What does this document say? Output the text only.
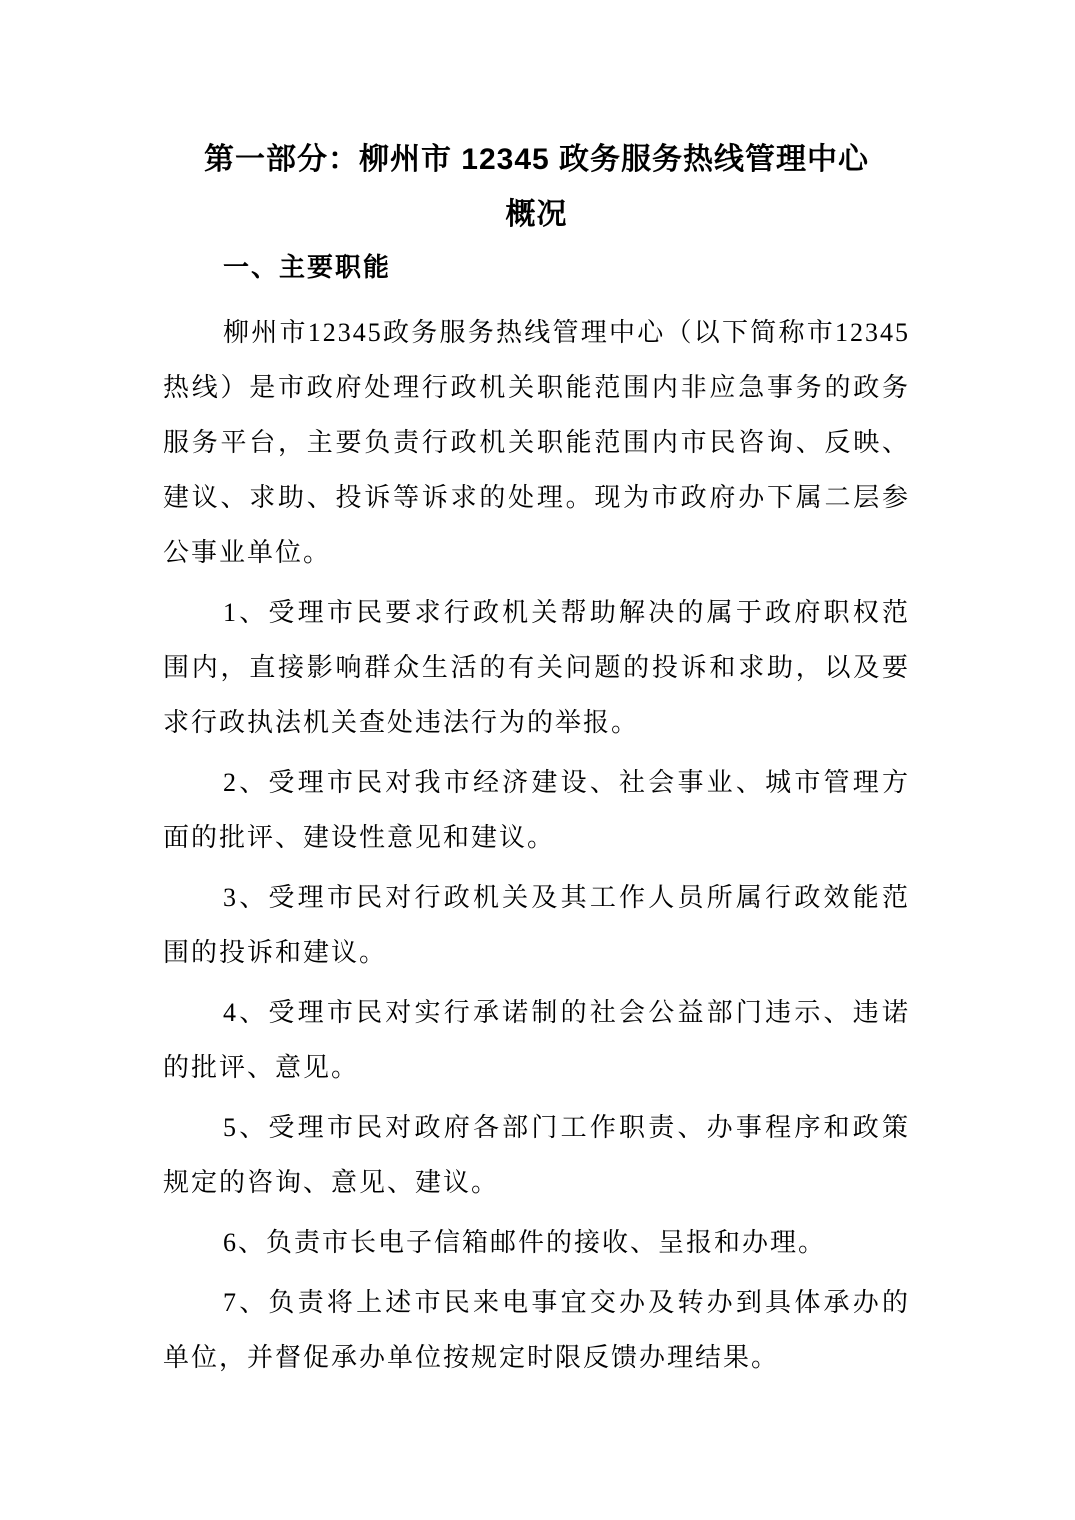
第一部分：柳州市 12345 政务服务热线管理中心
概况
一、主要职能

柳州市12345政务服务热线管理中心（以下简称市12345
热线）是市政府处理行政机关职能范围内非应急事务的政务
服务平台，主要负责行政机关职能范围内市民咨询、反映、
建议、求助、投诉等诉求的处理。现为市政府办下属二层参
公事业单位。

1、受理市民要求行政机关帮助解决的属于政府职权范
围内，直接影响群众生活的有关问题的投诉和求助，以及要
求行政执法机关查处违法行为的举报。

2、受理市民对我市经济建设、社会事业、城市管理方
面的批评、建设性意见和建议。

3、受理市民对行政机关及其工作人员所属行政效能范
围的投诉和建议。

4、受理市民对实行承诺制的社会公益部门违示、违诺
的批评、意见。

5、受理市民对政府各部门工作职责、办事程序和政策
规定的咨询、意见、建议。

6、负责市长电子信箱邮件的接收、呈报和办理。

7、负责将上述市民来电事宜交办及转办到具体承办的
单位，并督促承办单位按规定时限反馈办理结果。
